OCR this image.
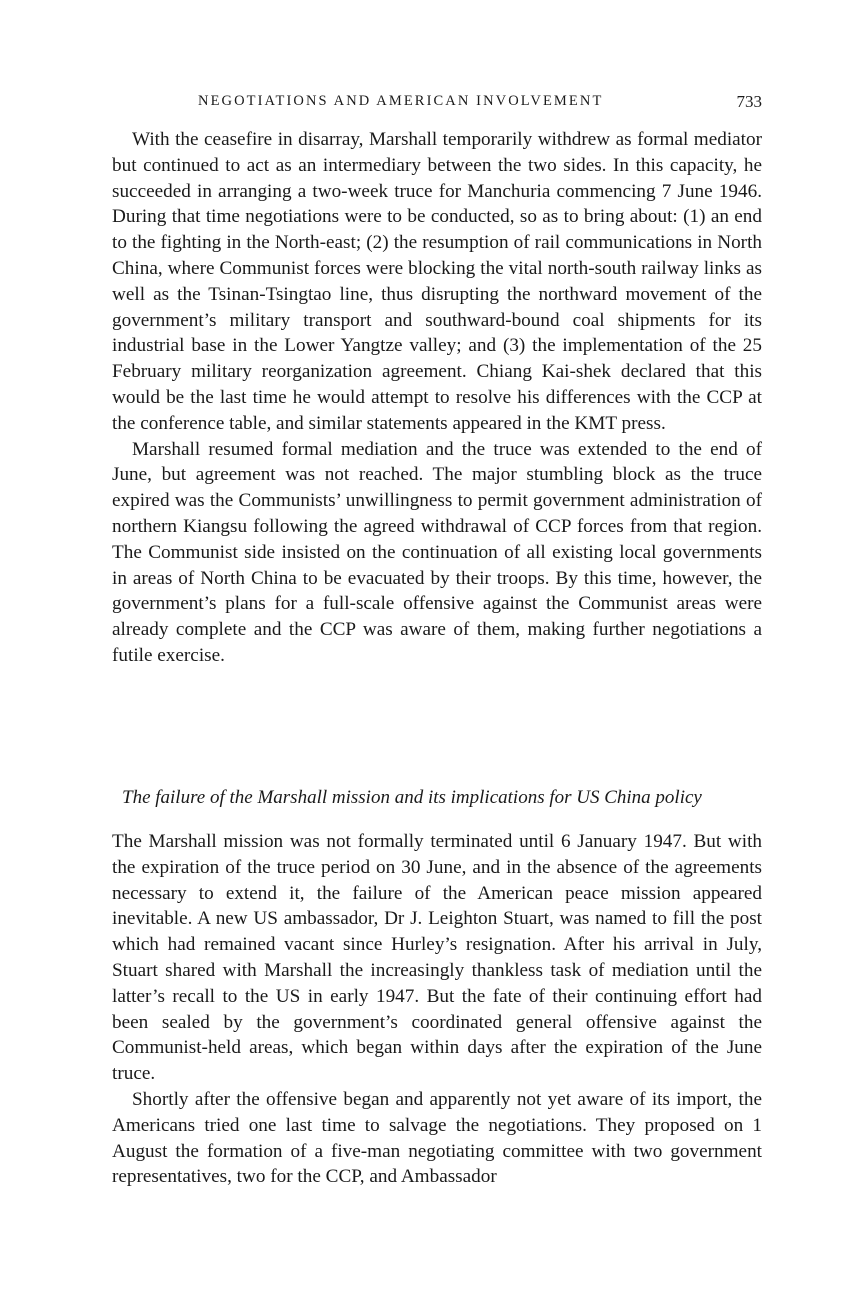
NEGOTIATIONS AND AMERICAN INVOLVEMENT	733

With the ceasefire in disarray, Marshall temporarily withdrew as formal mediator but continued to act as an intermediary between the two sides. In this capacity, he succeeded in arranging a two-week truce for Manchuria commencing 7 June 1946. During that time negotiations were to be conducted, so as to bring about: (1) an end to the fighting in the North-east; (2) the resumption of rail communications in North China, where Communist forces were blocking the vital north-south railway links as well as the Tsinan-Tsingtao line, thus disrupting the northward movement of the government’s military transport and southward-bound coal shipments for its industrial base in the Lower Yangtze valley; and (3) the implementation of the 25 February military reorganization agreement. Chiang Kai-shek declared that this would be the last time he would attempt to resolve his differences with the CCP at the conference table, and similar statements appeared in the KMT press.

Marshall resumed formal mediation and the truce was extended to the end of June, but agreement was not reached. The major stumbling block as the truce expired was the Communists’ unwillingness to permit government administration of northern Kiangsu following the agreed withdrawal of CCP forces from that region. The Communist side insisted on the continuation of all existing local governments in areas of North China to be evacuated by their troops. By this time, however, the government’s plans for a full-scale offensive against the Communist areas were already complete and the CCP was aware of them, making further negotiations a futile exercise.

The failure of the Marshall mission and its implications for US China policy

The Marshall mission was not formally terminated until 6 January 1947. But with the expiration of the truce period on 30 June, and in the absence of the agreements necessary to extend it, the failure of the American peace mission appeared inevitable. A new US ambassador, Dr J. Leighton Stuart, was named to fill the post which had remained vacant since Hurley’s resignation. After his arrival in July, Stuart shared with Marshall the increasingly thankless task of mediation until the latter’s recall to the US in early 1947. But the fate of their continuing effort had been sealed by the government’s coordinated general offensive against the Communist-held areas, which began within days after the expiration of the June truce.

Shortly after the offensive began and apparently not yet aware of its import, the Americans tried one last time to salvage the negotiations. They proposed on 1 August the formation of a five-man negotiating committee with two government representatives, two for the CCP, and Ambassador
